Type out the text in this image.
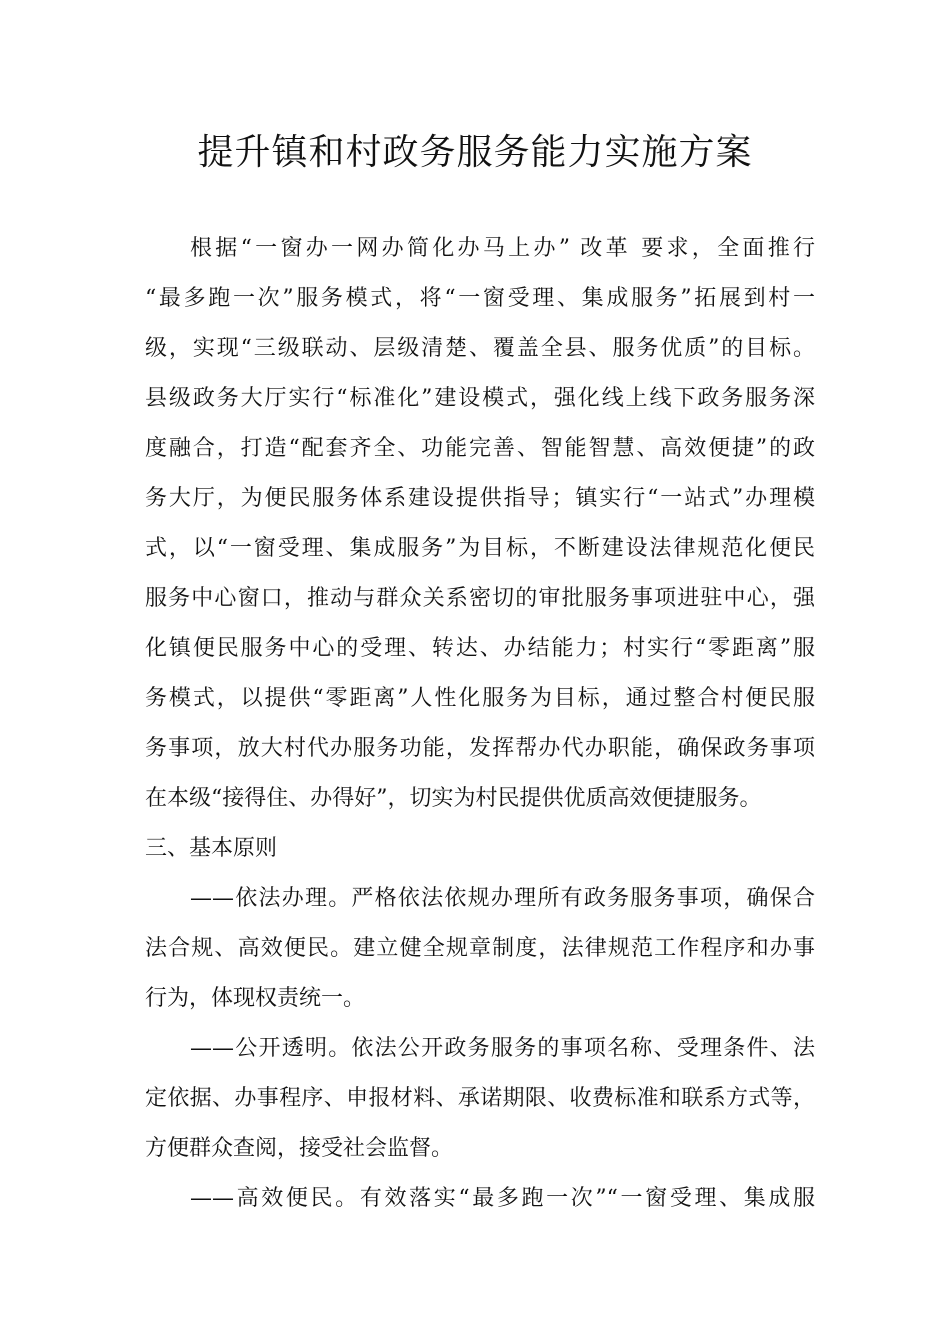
提升镇和村政务服务能力实施方案
根据“一窗办一网办简化办马上办” 改革 要求，全面推行
“最多跑一次”服务模式，将“一窗受理、集成服务”拓展到村一
级，实现“三级联动、层级清楚、覆盖全县、服务优质”的目标。
县级政务大厅实行“标准化”建设模式，强化线上线下政务服务深
度融合，打造“配套齐全、功能完善、智能智慧、高效便捷”的政
务大厅，为便民服务体系建设提供指导；镇实行“一站式”办理模
式，以“一窗受理、集成服务”为目标，不断建设法律规范化便民
服务中心窗口，推动与群众关系密切的审批服务事项进驻中心，强
化镇便民服务中心的受理、转达、办结能力；村实行“零距离”服
务模式，以提供“零距离”人性化服务为目标，通过整合村便民服
务事项，放大村代办服务功能，发挥帮办代办职能，确保政务事项
在本级“接得住、办得好”，切实为村民提供优质高效便捷服务。
三、基本原则
——依法办理。严格依法依规办理所有政务服务事项，确保合
法合规、高效便民。建立健全规章制度，法律规范工作程序和办事
行为，体现权责统一。
——公开透明。依法公开政务服务的事项名称、受理条件、法
定依据、办事程序、申报材料、承诺期限、收费标准和联系方式等，
方便群众查阅，接受社会监督。
——高效便民。有效落实“最多跑一次”“一窗受理、集成服
